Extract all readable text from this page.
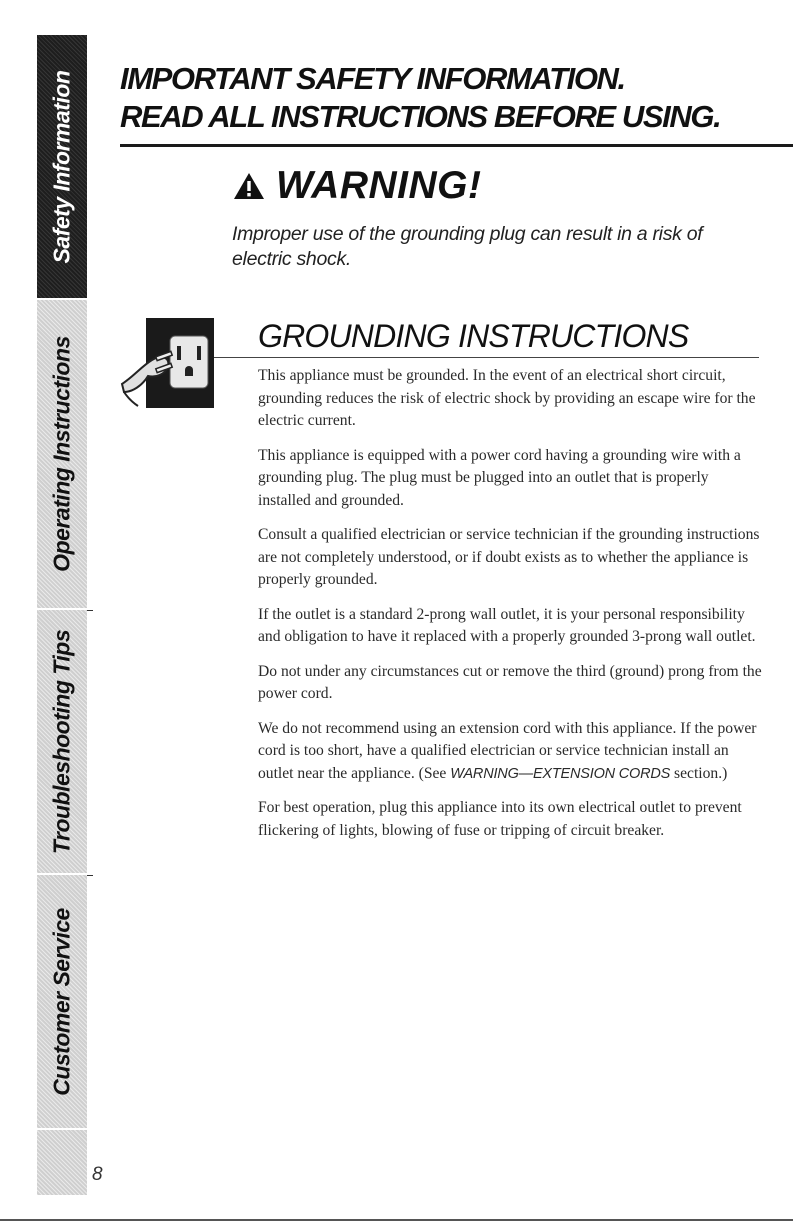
Safety Information
Operating Instructions
Troubleshooting Tips
Customer Service
IMPORTANT SAFETY INFORMATION.
READ ALL INSTRUCTIONS BEFORE USING.
WARNING!

Improper use of the grounding plug can result in a risk of electric shock.

GROUNDING INSTRUCTIONS

This appliance must be grounded. In the event of an electrical short circuit, grounding reduces the risk of electric shock by providing an escape wire for the electric current.

This appliance is equipped with a power cord having a grounding wire with a grounding plug. The plug must be plugged into an outlet that is properly installed and grounded.

Consult a qualified electrician or service technician if the grounding instructions are not completely understood, or if doubt exists as to whether the appliance is properly grounded.

If the outlet is a standard 2-prong wall outlet, it is your personal responsibility and obligation to have it replaced with a properly grounded 3-prong wall outlet.

Do not under any circumstances cut or remove the third (ground) prong from the power cord.

We do not recommend using an extension cord with this appliance. If the power cord is too short, have a qualified electrician or service technician install an outlet near the appliance. (See WARNING—EXTENSION CORDS section.)

For best operation, plug this appliance into its own electrical outlet to prevent flickering of lights, blowing of fuse or tripping of circuit breaker.

8
